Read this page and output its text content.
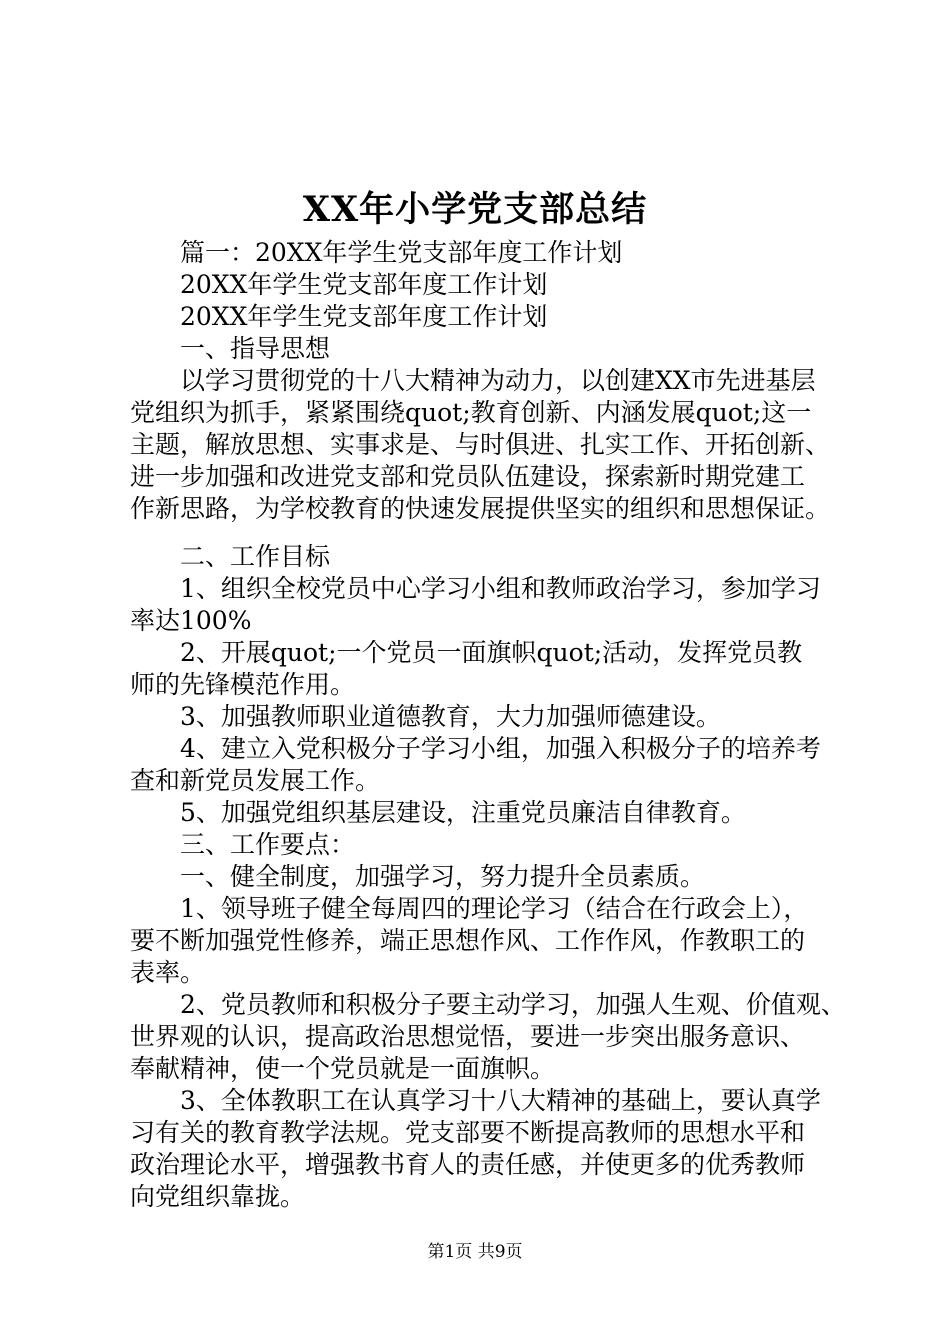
XX年小学党支部总结
篇一：20XX年学生党支部年度工作计划
20XX年学生党支部年度工作计划
20XX年学生党支部年度工作计划
一、指导思想
以学习贯彻党的十八大精神为动力，以创建XX市先进基层
党组织为抓手，紧紧围绕quot;教育创新、内涵发展quot;这一
主题，解放思想、实事求是、与时俱进、扎实工作、开拓创新、
进一步加强和改进党支部和党员队伍建设，探索新时期党建工
作新思路，为学校教育的快速发展提供坚实的组织和思想保证。
二、工作目标
1、组织全校党员中心学习小组和教师政治学习，参加学习
率达100%
2、开展quot;一个党员一面旗帜quot;活动，发挥党员教
师的先锋模范作用。
3、加强教师职业道德教育，大力加强师德建设。
4、建立入党积极分子学习小组，加强入积极分子的培养考
查和新党员发展工作。
5、加强党组织基层建设，注重党员廉洁自律教育。
三、工作要点：
一、健全制度，加强学习，努力提升全员素质。
1、领导班子健全每周四的理论学习（结合在行政会上），
要不断加强党性修养，端正思想作风、工作作风，作教职工的
表率。
2、党员教师和积极分子要主动学习，加强人生观、价值观、
世界观的认识，提高政治思想觉悟，要进一步突出服务意识、
奉献精神，使一个党员就是一面旗帜。
3、全体教职工在认真学习十八大精神的基础上，要认真学
习有关的教育教学法规。党支部要不断提高教师的思想水平和
政治理论水平，增强教书育人的责任感，并使更多的优秀教师
向党组织靠拢。
第1页 共9页
